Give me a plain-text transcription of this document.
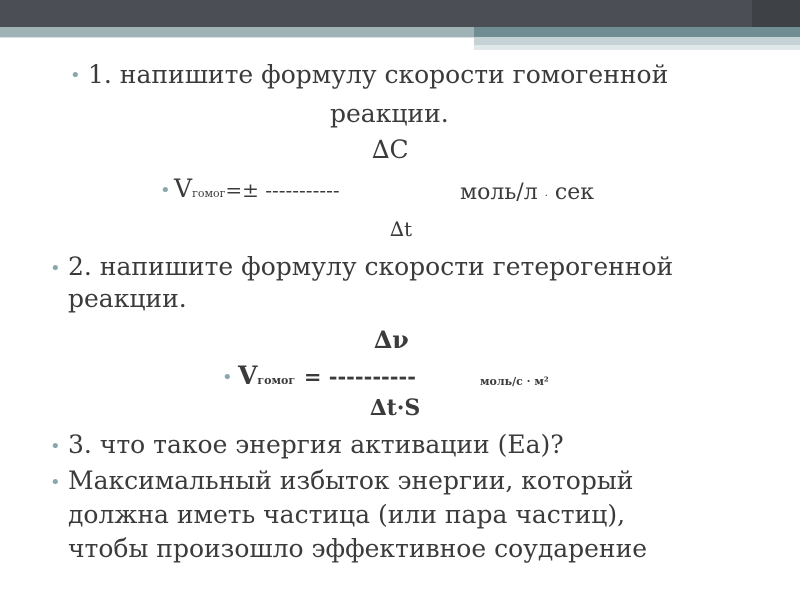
• 1. напишите формулу скорости гомогенной
реакции.
∆C
• Vгомог=± -----------	моль/л · сек
∆t
• 2. напишите формулу скорости гетерогенной
реакции.
∆ν
• Vгомог = ----------	моль/с · м²
∆t·S
• 3. что такое энергия активации (Еа)?
• Максимальный избыток энергии, который
должна иметь частица (или пара частиц),
чтобы произошло эффективное соударение
